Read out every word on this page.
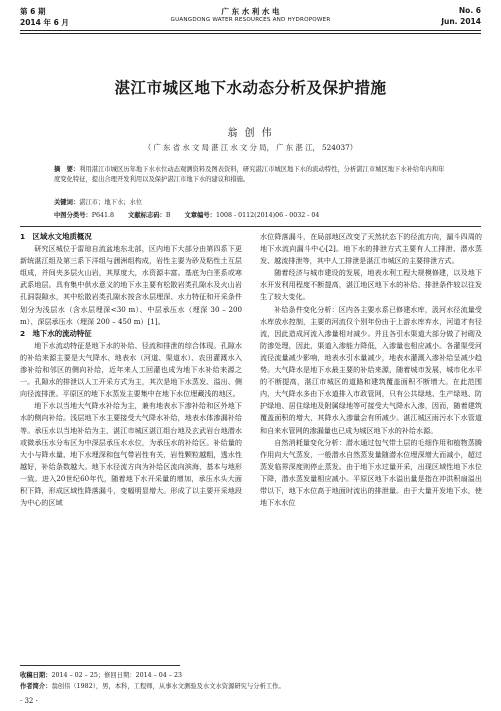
第 6 期
2014 年 6 月
广 东 水 利 水 电
GUANGDONG WATER RESOURCES AND HYDROPOWER
No. 6
Jun. 2014
湛江市城区地下水动态分析及保护措施
翁 创 伟
（ 广 东 省 水 文 局 湛 江 水 文 分 局， 广 东 湛 江， 524037）
摘　要：利用湛江市城区历年地下水水位动态观测资料及图表资料，研究湛江市城区地下水的流动特性，分析湛江市城区地下水补给年内和年度变化特征，提出合理开发利用以及保护湛江市地下水的建议和措施。
关键词：湛江市；地下水；水位
中图分类号：P641.8 文献标志码：B 文章编号：1008 - 0112(2014)06 - 0032 - 04
1　区域水文地质概况

研究区城位于雷琼自流盆地东北部，区内地下大部分由第四系下更新统湛江组及第三系下洋组与涠洲组构成，岩性主要为砂及粘性土互层组成，并间夹多层火山岩，其厚度大，水资源丰富。基底为白垩系或寒武系地层。具有集中供水意义的地下水主要有松散岩类孔隙水及火山岩孔洞裂隙水，其中松散岩类孔隙水按含水层埋深、水力特征和开采条件划分为浅层水（含水层埋深<30 m）、中层承压水（埋深 30 – 200 m）、深层承压水（埋深 200 – 450 m）[1]。

2　地下水的流动特征

地下水流动特征是地下水的补给、径流和排泄的综合体现。孔隙水的补给来源主要是大气降水、地表水（河道、渠道水）、农田灌溉水入渗补给和邻区的侧向补给，近年来人工回灌也成为地下水补给来源之一。孔隙水的排泄以人工开采方式为主，其次是地下水蒸发、溢出、侧向径流排泄。平原区的地下水蒸发主要集中在地下水位埋藏浅的地区。

地下水以当地大气降水补给为主，兼有地表水下渗补给和区外地下水的侧向补给。浅层地下水主要接受大气降水补给，地表水体渗漏补给等。承压水以当地补给为主，湛江市城区湛江组台地及玄武岩台地潜水或微承压水分布区为中深层承压水水位，为承压水的补给区。补给量的大小与降水量、地下水埋深和包气带岩性有关，岩性颗粒越粗，透水性越好，补给条数越大。地下水径流方向为补给区流向滨海，基本与地形一致。进入20世纪60年代，随着地下水开采量的增加，承压水头大面积下降，形成区域性降落漏斗，变幅明显增大。形成了以主要开采地段为中心的区域

水位降落漏斗，在局部地区改变了天然状态下的径流方向，漏斗四周的地下水流向漏斗中心[2]。地下水的排泄方式主要有人工排泄、潜水蒸发、越流排泄等，其中人工排泄是湛江市城区的主要排泄方式。

随着经济与城市建设的发展，地表水利工程大规模修建，以及地下水开发利用程度不断提高，湛江地区地下水的补给、排泄条件较以往发生了较大变化。

补给条件变化分析：区内各主要水系已修建水库，汲河水径流量受水库放水控制，主要的河流仅个别年份由于上游水库弃水，河道才有径流，因此造成河流入渗量相对减少。并且各引水渠道大部分做了衬砌及防渗处理，因此，渠道入渗能力降低，入渗量也相应减小。各灌渠受河流径流量减少影响，地表水引水量减少，地表水灌溉入渗补给呈减少趋势。大气降水是地下水最主要的补给来源，随着城市发展，城市化水平的不断提高，湛江市城区的道路和建筑覆盖面积不断增大。在此范围内，大气降水多由下水道排入市政管网，只有公共绿地、生产绿地、防护绿地、居住绿地及附属绿地等可接受大气降水入渗，因而，随着建筑覆盖面积的增大，其降水入渗量会有所减少。湛江城区雨污水下水管道和自来水管网的渗漏量也已成为城区地下水的补给水源。

自然消耗量变化分析：潜水通过包气带土层的毛细作用和植物蒸腾作用向大气蒸发，一般潜水自然蒸发量随潜水位埋深增大而减小，超过蒸发临界深度则停止蒸发。由于地下水过量开采，出现区域性地下水位下降，潜水蒸发量相应减小。平原区地下水溢出量是指在冲洪积扇溢出带以下，地下水位高于地面时流出的排泄量。由于大量开发地下水，使地下水水位

收稿日期：2014 – 02 – 25；修回日期：2014 – 04 – 23
作者简介：翁创伟（1982），男，本科，工程师，从事水文测验及水文水资源研究与分析工作。
· 32 ·
